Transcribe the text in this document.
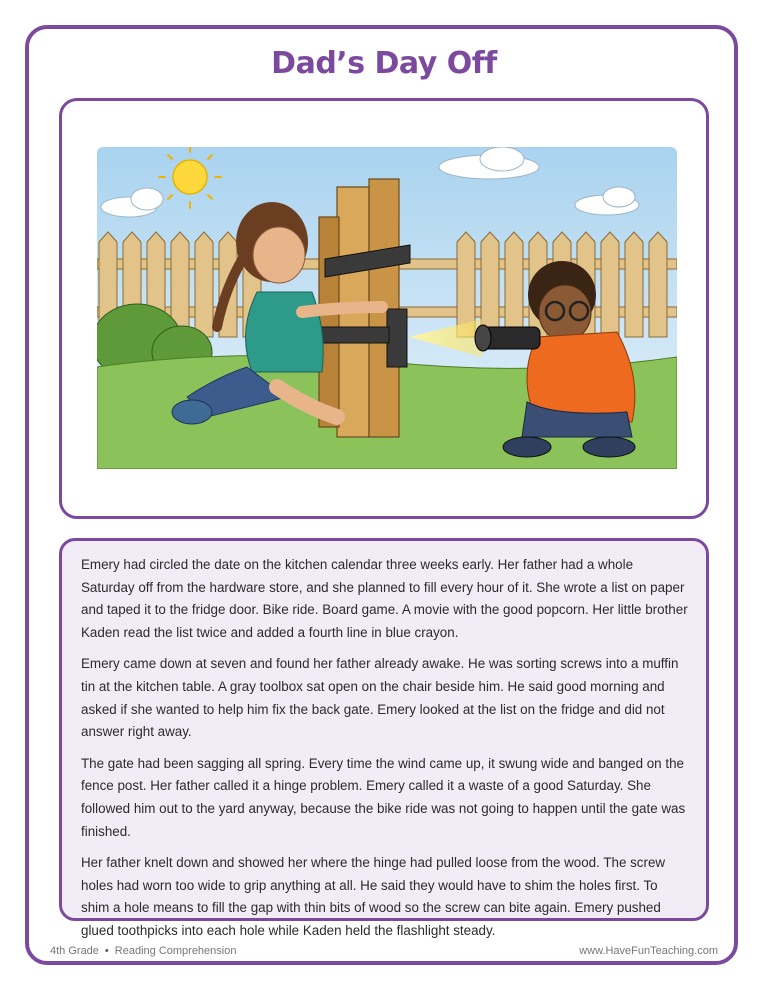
Dad’s Day Off

Emery had circled the date on the kitchen calendar three weeks early. Her father had a whole Saturday off from the hardware store, and she planned to fill every hour of it. She wrote a list on paper and taped it to the fridge door. Bike ride. Board game. A movie with the good popcorn. Her little brother Kaden read the list twice and added a fourth line in blue crayon.

Emery came down at seven and found her father already awake. He was sorting screws into a muffin tin at the kitchen table. A gray toolbox sat open on the chair beside him. He said good morning and asked if she wanted to help him fix the back gate. Emery looked at the list on the fridge and did not answer right away.

The gate had been sagging all spring. Every time the wind came up, it swung wide and banged on the fence post. Her father called it a hinge problem. Emery called it a waste of a good Saturday. She followed him out to the yard anyway, because the bike ride was not going to happen until the gate was finished.

Her father knelt down and showed her where the hinge had pulled loose from the wood. The screw holes had worn too wide to grip anything at all. He said they would have to shim the holes first. To shim a hole means to fill the gap with thin bits of wood so the screw can bite again. Emery pushed glued toothpicks into each hole while Kaden held the flashlight steady.

4th Grade • Reading Comprehension	www.HaveFunTeaching.com
